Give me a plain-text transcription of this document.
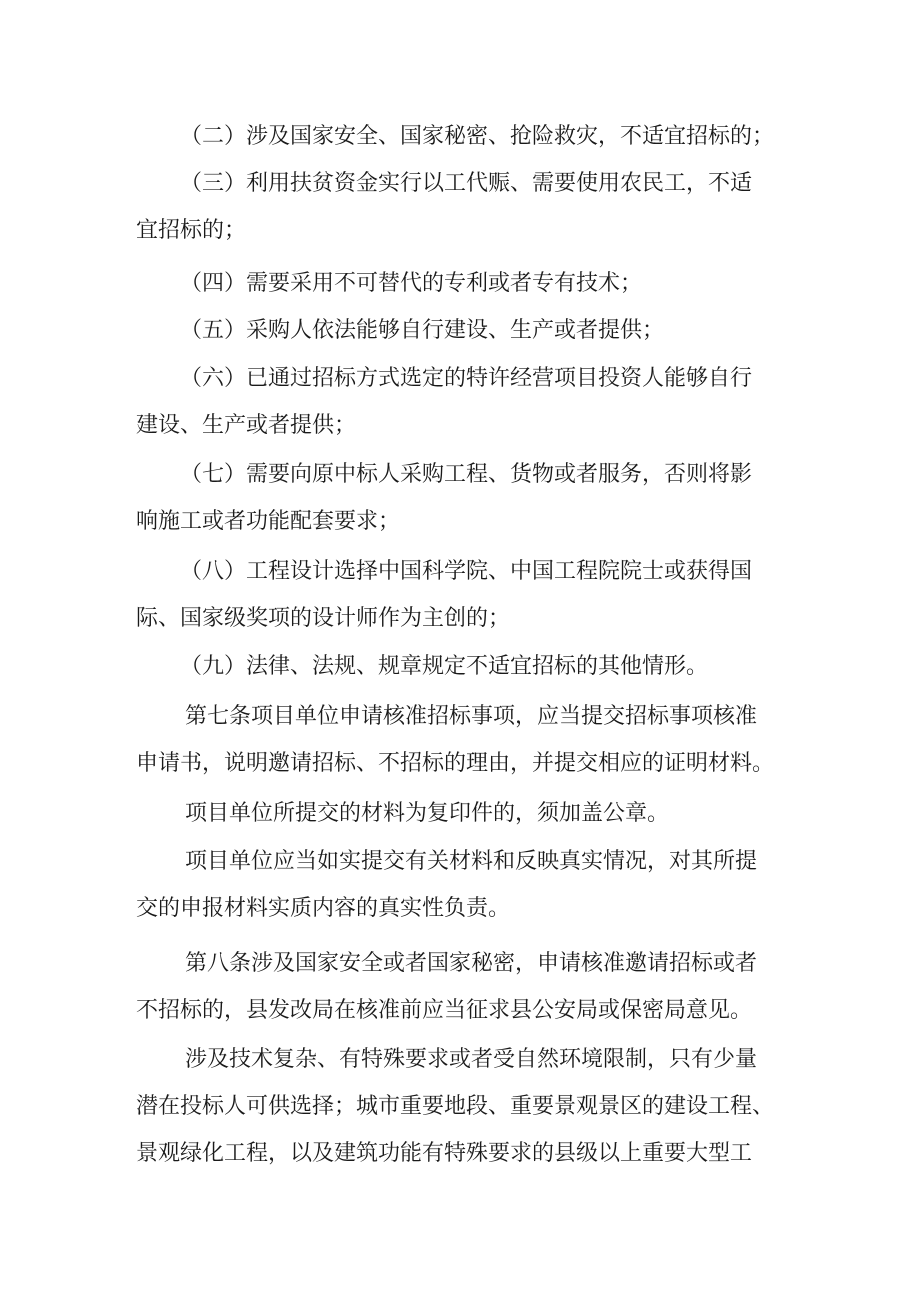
（二）涉及国家安全、国家秘密、抢险救灾，不适宜招标的；
（三）利用扶贫资金实行以工代赈、需要使用农民工，不适
宜招标的；
（四）需要采用不可替代的专利或者专有技术；
（五）采购人依法能够自行建设、生产或者提供；
（六）已通过招标方式选定的特许经营项目投资人能够自行
建设、生产或者提供；
（七）需要向原中标人采购工程、货物或者服务，否则将影
响施工或者功能配套要求；
（八）工程设计选择中国科学院、中国工程院院士或获得国
际、国家级奖项的设计师作为主创的；
（九）法律、法规、规章规定不适宜招标的其他情形。
第七条项目单位申请核准招标事项，应当提交招标事项核准
申请书，说明邀请招标、不招标的理由，并提交相应的证明材料。
项目单位所提交的材料为复印件的，须加盖公章。
项目单位应当如实提交有关材料和反映真实情况，对其所提
交的申报材料实质内容的真实性负责。
第八条涉及国家安全或者国家秘密，申请核准邀请招标或者
不招标的，县发改局在核准前应当征求县公安局或保密局意见。
涉及技术复杂、有特殊要求或者受自然环境限制，只有少量
潜在投标人可供选择；城市重要地段、重要景观景区的建设工程、
景观绿化工程，以及建筑功能有特殊要求的县级以上重要大型工
